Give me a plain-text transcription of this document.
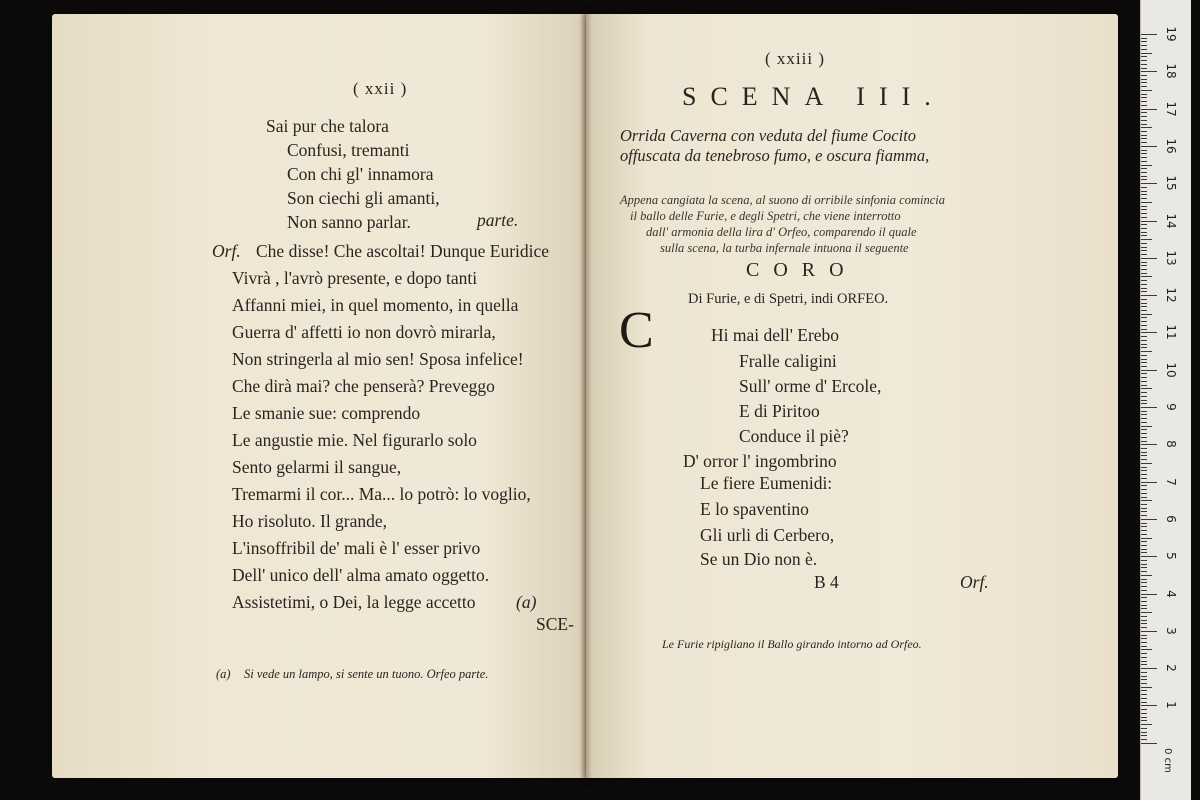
( xxii )
Sai pur che talora
Confusi, tremanti
Con chi gl' innamora
Son ciechi gli amanti,
Non sanno parlar.	parte.
Orf. Che disse! Che ascoltai! Dunque Euridice
Vivrà , l'avrò presente, e dopo tanti
Affanni miei, in quel momento, in quella
Guerra d' affetti io non dovrò mirarla,
Non stringerla al mio sen! Sposa infelice!
Che dirà mai? che penserà? Preveggo
Le smanie sue: comprendo
Le angustie mie. Nel figurarlo solo
Sento gelarmi il sangue,
Tremarmi il cor... Ma... lo potrò: lo voglio,
Ho risoluto. Il grande,
L'insoffribil de' mali è l' esser privo
Dell' unico dell' alma amato oggetto.
Assistetimi, o Dei, la legge accetto (a)
SCE-
(a) Si vede un lampo, si sente un tuono. Orfeo parte.
( xxiii )
SCENA III.
Orrida Caverna con veduta del fiume Cocito
offuscata da tenebroso fumo, e oscura fiamma,
Appena cangiata la scena, al suono di orribile sinfonia comincia
il ballo delle Furie, e degli Spetri, che viene interrotto
dall' armonia della lira d' Orfeo, comparendo il quale
sulla scena, la turba infernale intuona il seguente
CORO
Di Furie, e di Spetri, indi ORFEO.
C	Hi mai dell' Erebo
Fralle caligini
Sull' orme d' Ercole,
E di Piritoo
Conduce il piè?
D' orror l' ingombrino
Le fiere Eumenidi:
E lo spaventino
Gli urli di Cerbero,
Se un Dio non è.
B 4	Orf.
Le Furie ripigliano il Ballo girando intorno ad Orfeo.
19
18
17
16
15
14
13
12
11
10
9
8
7
6
5
4
3
2
1
0 cm
